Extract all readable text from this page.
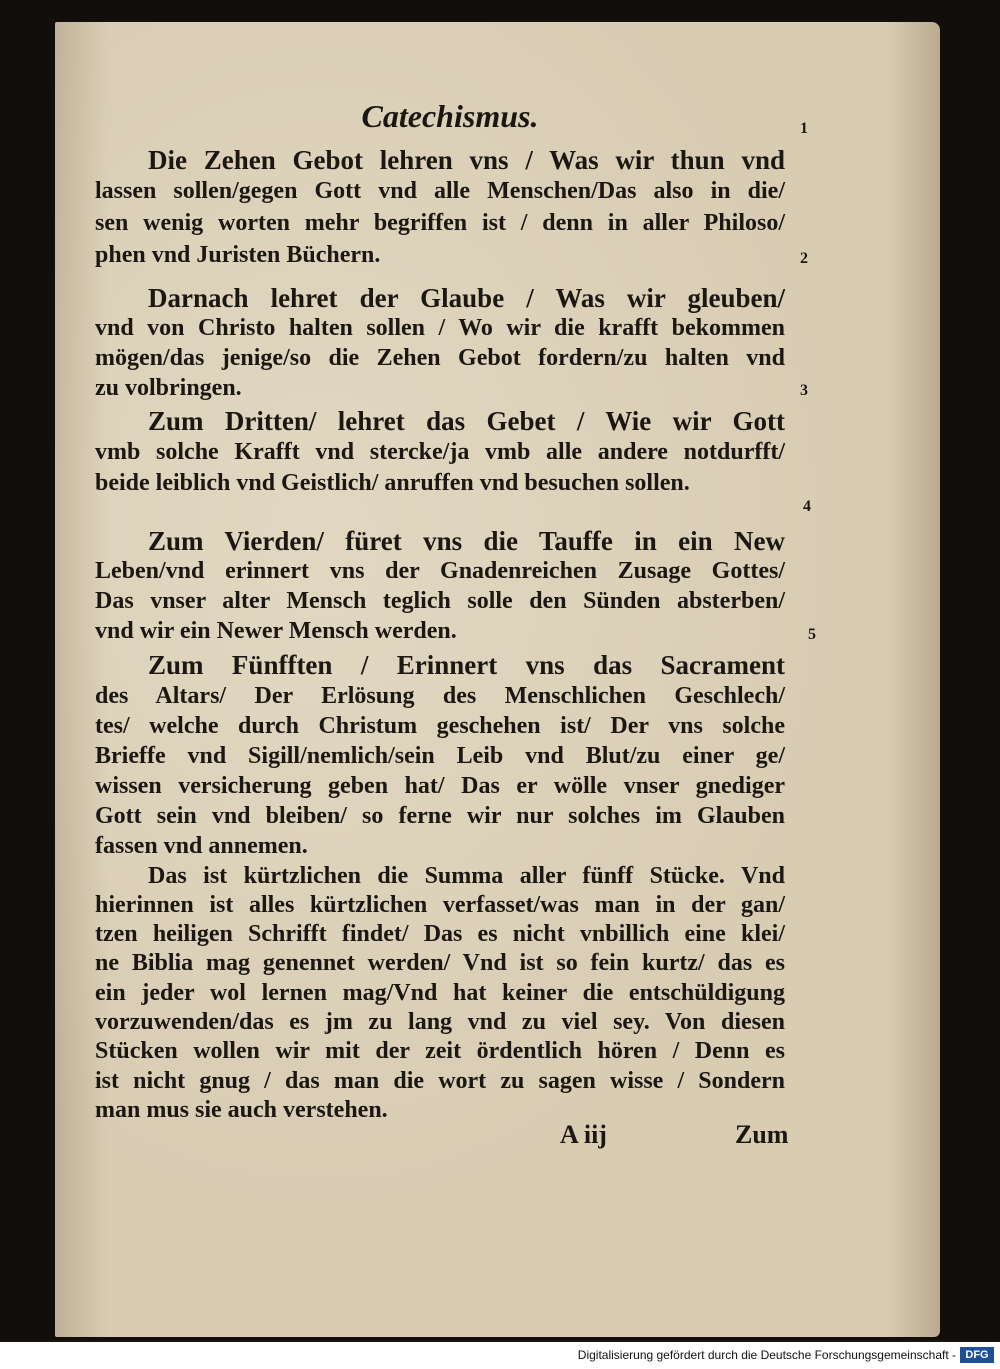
Catechismus.
Die Zehen Gebot lehren vns / Was wir thun vnd
lassen sollen/gegen Gott vnd alle Menschen/Das also in die/
sen wenig worten mehr begriffen ist / denn in aller Philoso/
phen vnd Juristen Büchern.
Darnach lehret der Glaube / Was wir gleuben/
vnd von Christo halten sollen / Wo wir die krafft bekommen
mögen/das jenige/so die Zehen Gebot fordern/zu halten vnd
zu volbringen.
Zum Dritten/ lehret das Gebet / Wie wir Gott
vmb solche Krafft vnd stercke/ja vmb alle andere notdurfft/
beide leiblich vnd Geistlich/ anruffen vnd besuchen sollen.
Zum Vierden/ füret vns die Tauffe in ein New
Leben/vnd erinnert vns der Gnadenreichen Zusage Gottes/
Das vnser alter Mensch teglich solle den Sünden absterben/
vnd wir ein Newer Mensch werden.
Zum Fünfften / Erinnert vns das Sacrament
des Altars/ Der Erlösung des Menschlichen Geschlech/
tes/ welche durch Christum geschehen ist/ Der vns solche
Brieffe vnd Sigill/nemlich/sein Leib vnd Blut/zu einer ge/
wissen versicherung geben hat/ Das er wölle vnser gnediger
Gott sein vnd bleiben/ so ferne wir nur solches im Glauben
fassen vnd annemen.
Das ist kürtzlichen die Summa aller fünff Stücke. Vnd
hierinnen ist alles kürtzlichen verfasset/was man in der gan/
tzen heiligen Schrifft findet/ Das es nicht vnbillich eine klei/
ne Biblia mag genennet werden/ Vnd ist so fein kurtz/ das es
ein jeder wol lernen mag/Vnd hat keiner die entschüldigung
vorzuwenden/das es jm zu lang vnd zu viel sey. Von diesen
Stücken wollen wir mit der zeit ördentlich hören / Denn es
ist nicht gnug / das man die wort zu sagen wisse / Sondern
man mus sie auch verstehen.
1
2
3
4
5
A iij	Zum
Digitalisierung gefördert durch die Deutsche Forschungsgemeinschaft - DFG
